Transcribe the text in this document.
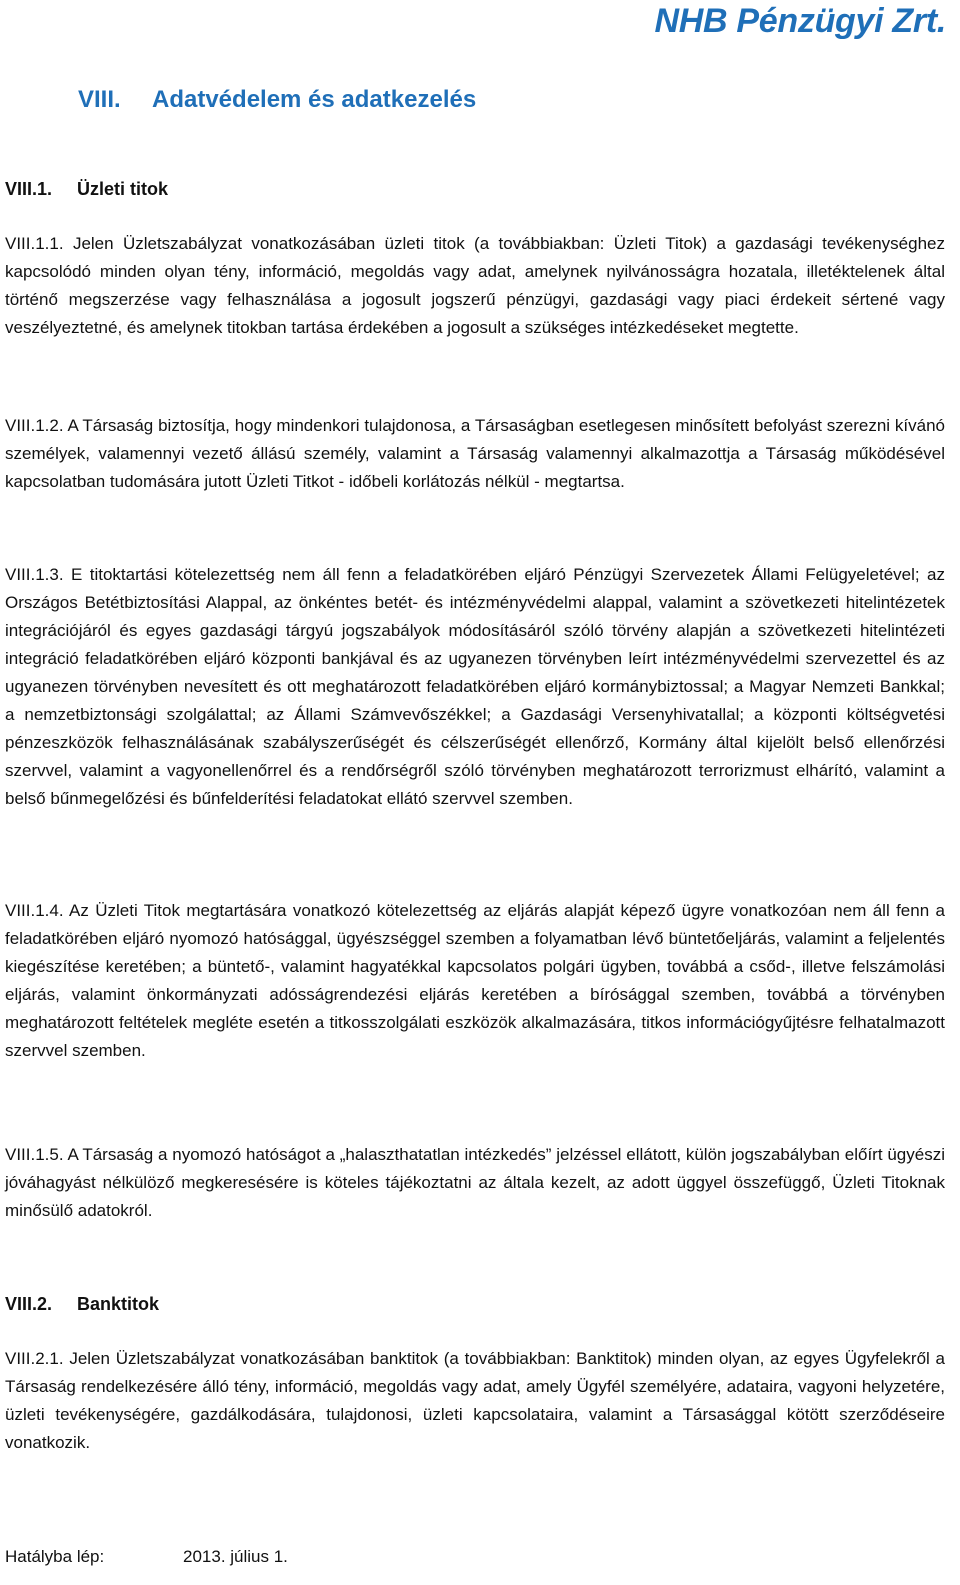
NHB Pénzügyi Zrt.
VIII. Adatvédelem és adatkezelés
VIII.1. Üzleti titok
VIII.1.1. Jelen Üzletszabályzat vonatkozásában üzleti titok (a továbbiakban: Üzleti Titok) a gazdasági tevékenységhez kapcsolódó minden olyan tény, információ, megoldás vagy adat, amelynek nyilvánosságra hozatala, illetéktelenek által történő megszerzése vagy felhasználása a jogosult jogszerű pénzügyi, gazdasági vagy piaci érdekeit sértené vagy veszélyeztetné, és amelynek titokban tartása érdekében a jogosult a szükséges intézkedéseket megtette.
VIII.1.2. A Társaság biztosítja, hogy mindenkori tulajdonosa, a Társaságban esetlegesen minősített befolyást szerezni kívánó személyek, valamennyi vezető állású személy, valamint a Társaság valamennyi alkalmazottja a Társaság működésével kapcsolatban tudomására jutott Üzleti Titkot - időbeli korlátozás nélkül - megtartsa.
VIII.1.3. E titoktartási kötelezettség nem áll fenn a feladatkörében eljáró Pénzügyi Szervezetek Állami Felügyeletével; az Országos Betétbiztosítási Alappal, az önkéntes betét- és intézményvédelmi alappal, valamint a szövetkezeti hitelintézetek integrációjáról és egyes gazdasági tárgyú jogszabályok módosításáról szóló törvény alapján a szövetkezeti hitelintézeti integráció feladatkörében eljáró központi bankjával és az ugyanezen törvényben leírt intézményvédelmi szervezettel és az ugyanezen törvényben nevesített és ott meghatározott feladatkörében eljáró kormánybiztossal; a Magyar Nemzeti Bankkal; a nemzetbiztonsági szolgálattal; az Állami Számvevőszékkel; a Gazdasági Versenyhivatallal; a központi költségvetési pénzeszközök felhasználásának szabályszerűségét és célszerűségét ellenőrző, Kormány által kijelölt belső ellenőrzési szervvel, valamint a vagyonellenőrrel és a rendőrségről szóló törvényben meghatározott terrorizmust elhárító, valamint a belső bűnmegelőzési és bűnfelderítési feladatokat ellátó szervvel szemben.
VIII.1.4. Az Üzleti Titok megtartására vonatkozó kötelezettség az eljárás alapját képező ügyre vonatkozóan nem áll fenn a feladatkörében eljáró nyomozó hatósággal, ügyészséggel szemben a folyamatban lévő büntetőeljárás, valamint a feljelentés kiegészítése keretében; a büntető-, valamint hagyatékkal kapcsolatos polgári ügyben, továbbá a csőd-, illetve felszámolási eljárás, valamint önkormányzati adósságrendezési eljárás keretében a bírósággal szemben, továbbá a törvényben meghatározott feltételek megléte esetén a titkosszolgálati eszközök alkalmazására, titkos információgyűjtésre felhatalmazott szervvel szemben.
VIII.1.5. A Társaság a nyomozó hatóságot a „halaszthatatlan intézkedés” jelzéssel ellátott, külön jogszabályban előírt ügyészi jóváhagyást nélkülöző megkeresésére is köteles tájékoztatni az általa kezelt, az adott üggyel összefüggő, Üzleti Titoknak minősülő adatokról.
VIII.2. Banktitok
VIII.2.1. Jelen Üzletszabályzat vonatkozásában banktitok (a továbbiakban: Banktitok) minden olyan, az egyes Ügyfelekről a Társaság rendelkezésére álló tény, információ, megoldás vagy adat, amely Ügyfél személyére, adataira, vagyoni helyzetére, üzleti tevékenységére, gazdálkodására, tulajdonosi, üzleti kapcsolataira, valamint a Társasággal kötött szerződéseire vonatkozik.
Hatályba lép:	2013. július 1.
